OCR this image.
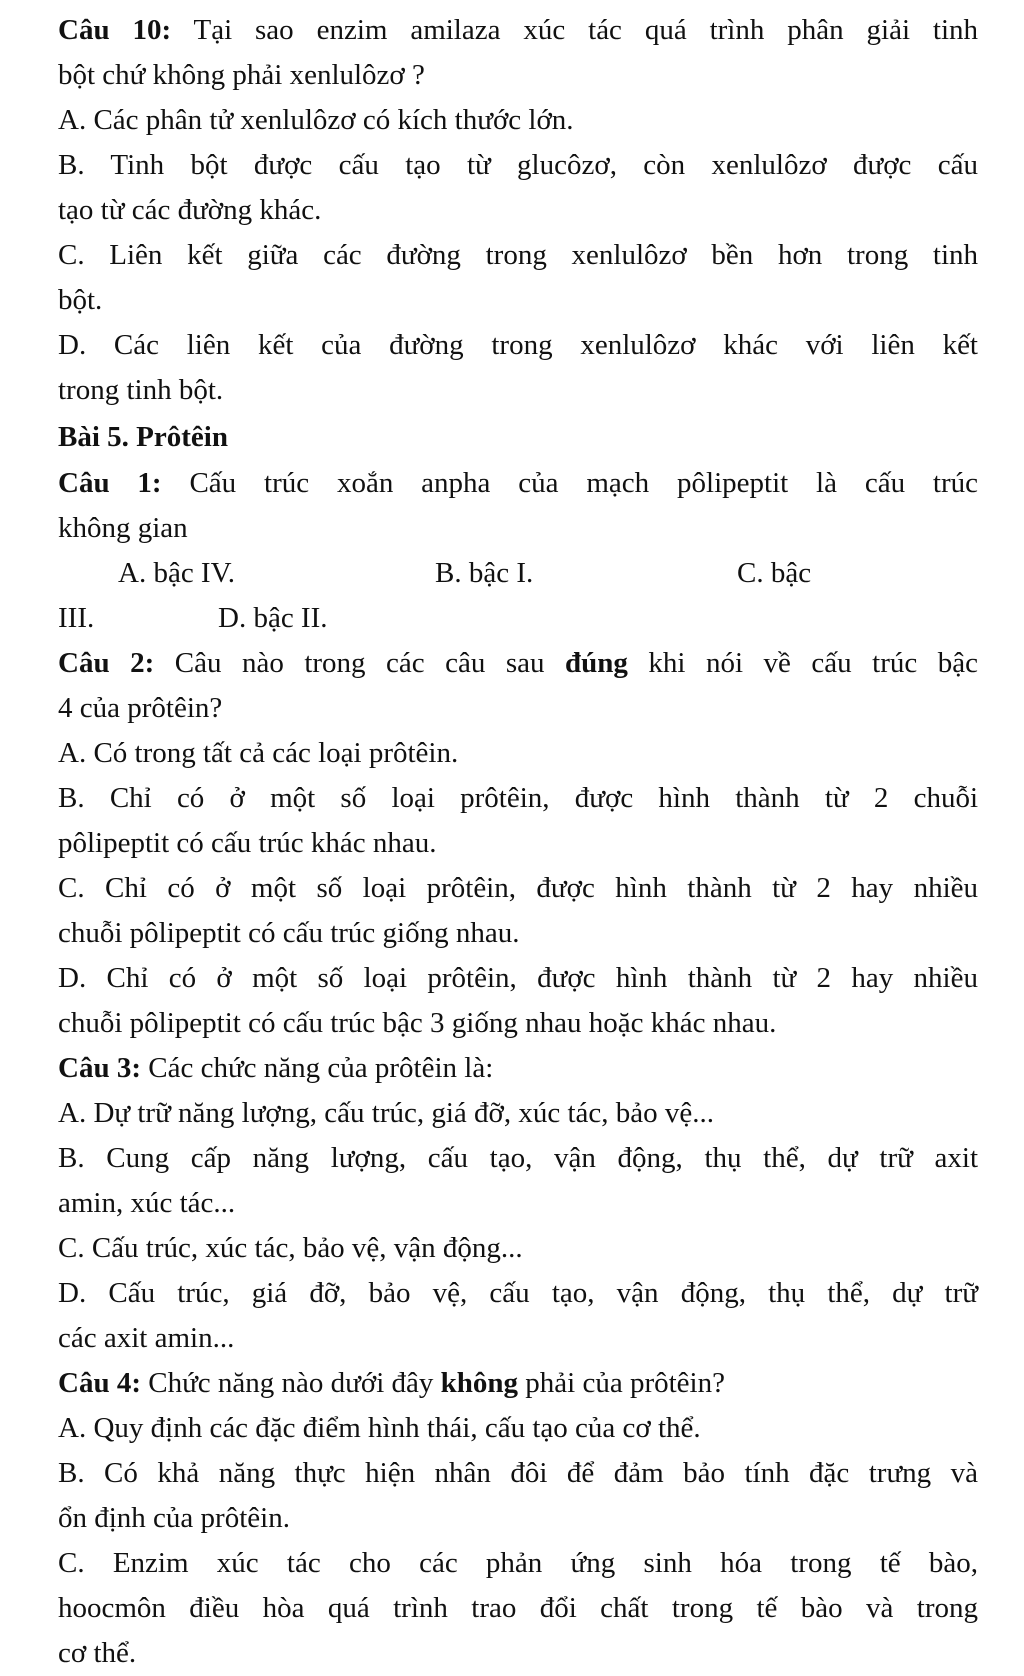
Câu 10: Tại sao enzim amilaza xúc tác quá trình phân giải tinh
bột chứ không phải xenlulôzơ ?
A. Các phân tử xenlulôzơ có kích thước lớn.
B. Tinh bột được cấu tạo từ glucôzơ, còn xenlulôzơ được cấu
tạo từ các đường khác.
C. Liên kết giữa các đường trong xenlulôzơ bền hơn trong tinh
bột.
D. Các liên kết của đường trong xenlulôzơ khác với liên kết
trong tinh bột.
Bài 5. Prôtêin
Câu 1: Cấu trúc xoắn anpha của mạch pôlipeptit là cấu trúc
không gian
A. bậc IV.	B. bậc I.	C. bậc
III.	D. bậc II.
Câu 2: Câu nào trong các câu sau đúng khi nói về cấu trúc bậc
4 của prôtêin?
A. Có trong tất cả các loại prôtêin.
B. Chỉ có ở một số loại prôtêin, được hình thành từ 2 chuỗi
pôlipeptit có cấu trúc khác nhau.
C. Chỉ có ở một số loại prôtêin, được hình thành từ 2 hay nhiều
chuỗi pôlipeptit có cấu trúc giống nhau.
D. Chỉ có ở một số loại prôtêin, được hình thành từ 2 hay nhiều
chuỗi pôlipeptit có cấu trúc bậc 3 giống nhau hoặc khác nhau.
Câu 3: Các chức năng của prôtêin là:
A. Dự trữ năng lượng, cấu trúc, giá đỡ, xúc tác, bảo vệ...
B. Cung cấp năng lượng, cấu tạo, vận động, thụ thể, dự trữ axit
amin, xúc tác...
C. Cấu trúc, xúc tác, bảo vệ, vận động...
D. Cấu trúc, giá đỡ, bảo vệ, cấu tạo, vận động, thụ thể, dự trữ
các axit amin...
Câu 4: Chức năng nào dưới đây không phải của prôtêin?
A. Quy định các đặc điểm hình thái, cấu tạo của cơ thể.
B. Có khả năng thực hiện nhân đôi để đảm bảo tính đặc trưng và
ổn định của prôtêin.
C. Enzim xúc tác cho các phản ứng sinh hóa trong tế bào,
hoocmôn điều hòa quá trình trao đổi chất trong tế bào và trong
cơ thể.
